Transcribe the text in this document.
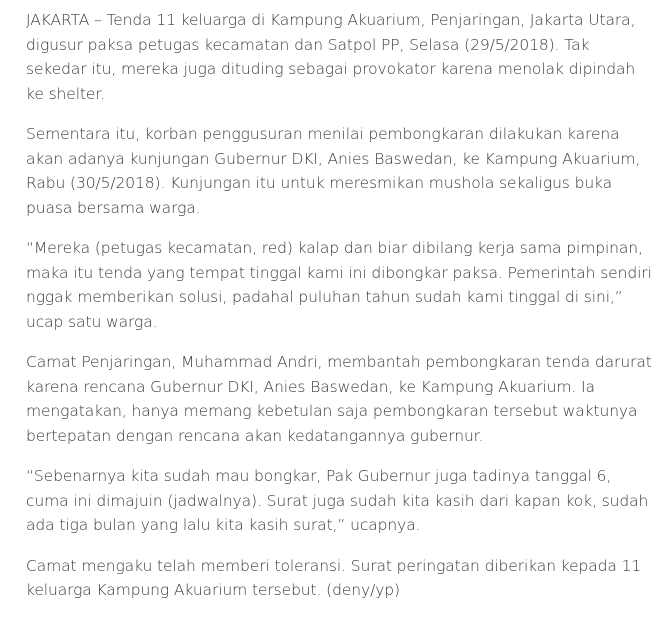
JAKARTA – Tenda 11 keluarga di Kampung Akuarium, Penjaringan, Jakarta Utara, digusur paksa petugas kecamatan dan Satpol PP, Selasa (29/5/2018). Tak sekedar itu, mereka juga dituding sebagai provokator karena menolak dipindah ke shelter.

Sementara itu, korban penggusuran menilai pembongkaran dilakukan karena akan adanya kunjungan Gubernur DKI, Anies Baswedan, ke Kampung Akuarium, Rabu (30/5/2018). Kunjungan itu untuk meresmikan mushola sekaligus buka puasa bersama warga.

“Mereka (petugas kecamatan, red) kalap dan biar dibilang kerja sama pimpinan, maka itu tenda yang tempat tinggal kami ini dibongkar paksa. Pemerintah sendiri nggak memberikan solusi, padahal puluhan tahun sudah kami tinggal di sini,” ucap satu warga.

Camat Penjaringan, Muhammad Andri, membantah pembongkaran tenda darurat karena rencana Gubernur DKI, Anies Baswedan, ke Kampung Akuarium. Ia mengatakan, hanya memang kebetulan saja pembongkaran tersebut waktunya bertepatan dengan rencana akan kedatangannya gubernur.

“Sebenarnya kita sudah mau bongkar, Pak Gubernur juga tadinya tanggal 6, cuma ini dimajuin (jadwalnya). Surat juga sudah kita kasih dari kapan kok, sudah ada tiga bulan yang lalu kita kasih surat,” ucapnya.

Camat mengaku telah memberi toleransi. Surat peringatan diberikan kepada 11 keluarga Kampung Akuarium tersebut. (deny/yp)
